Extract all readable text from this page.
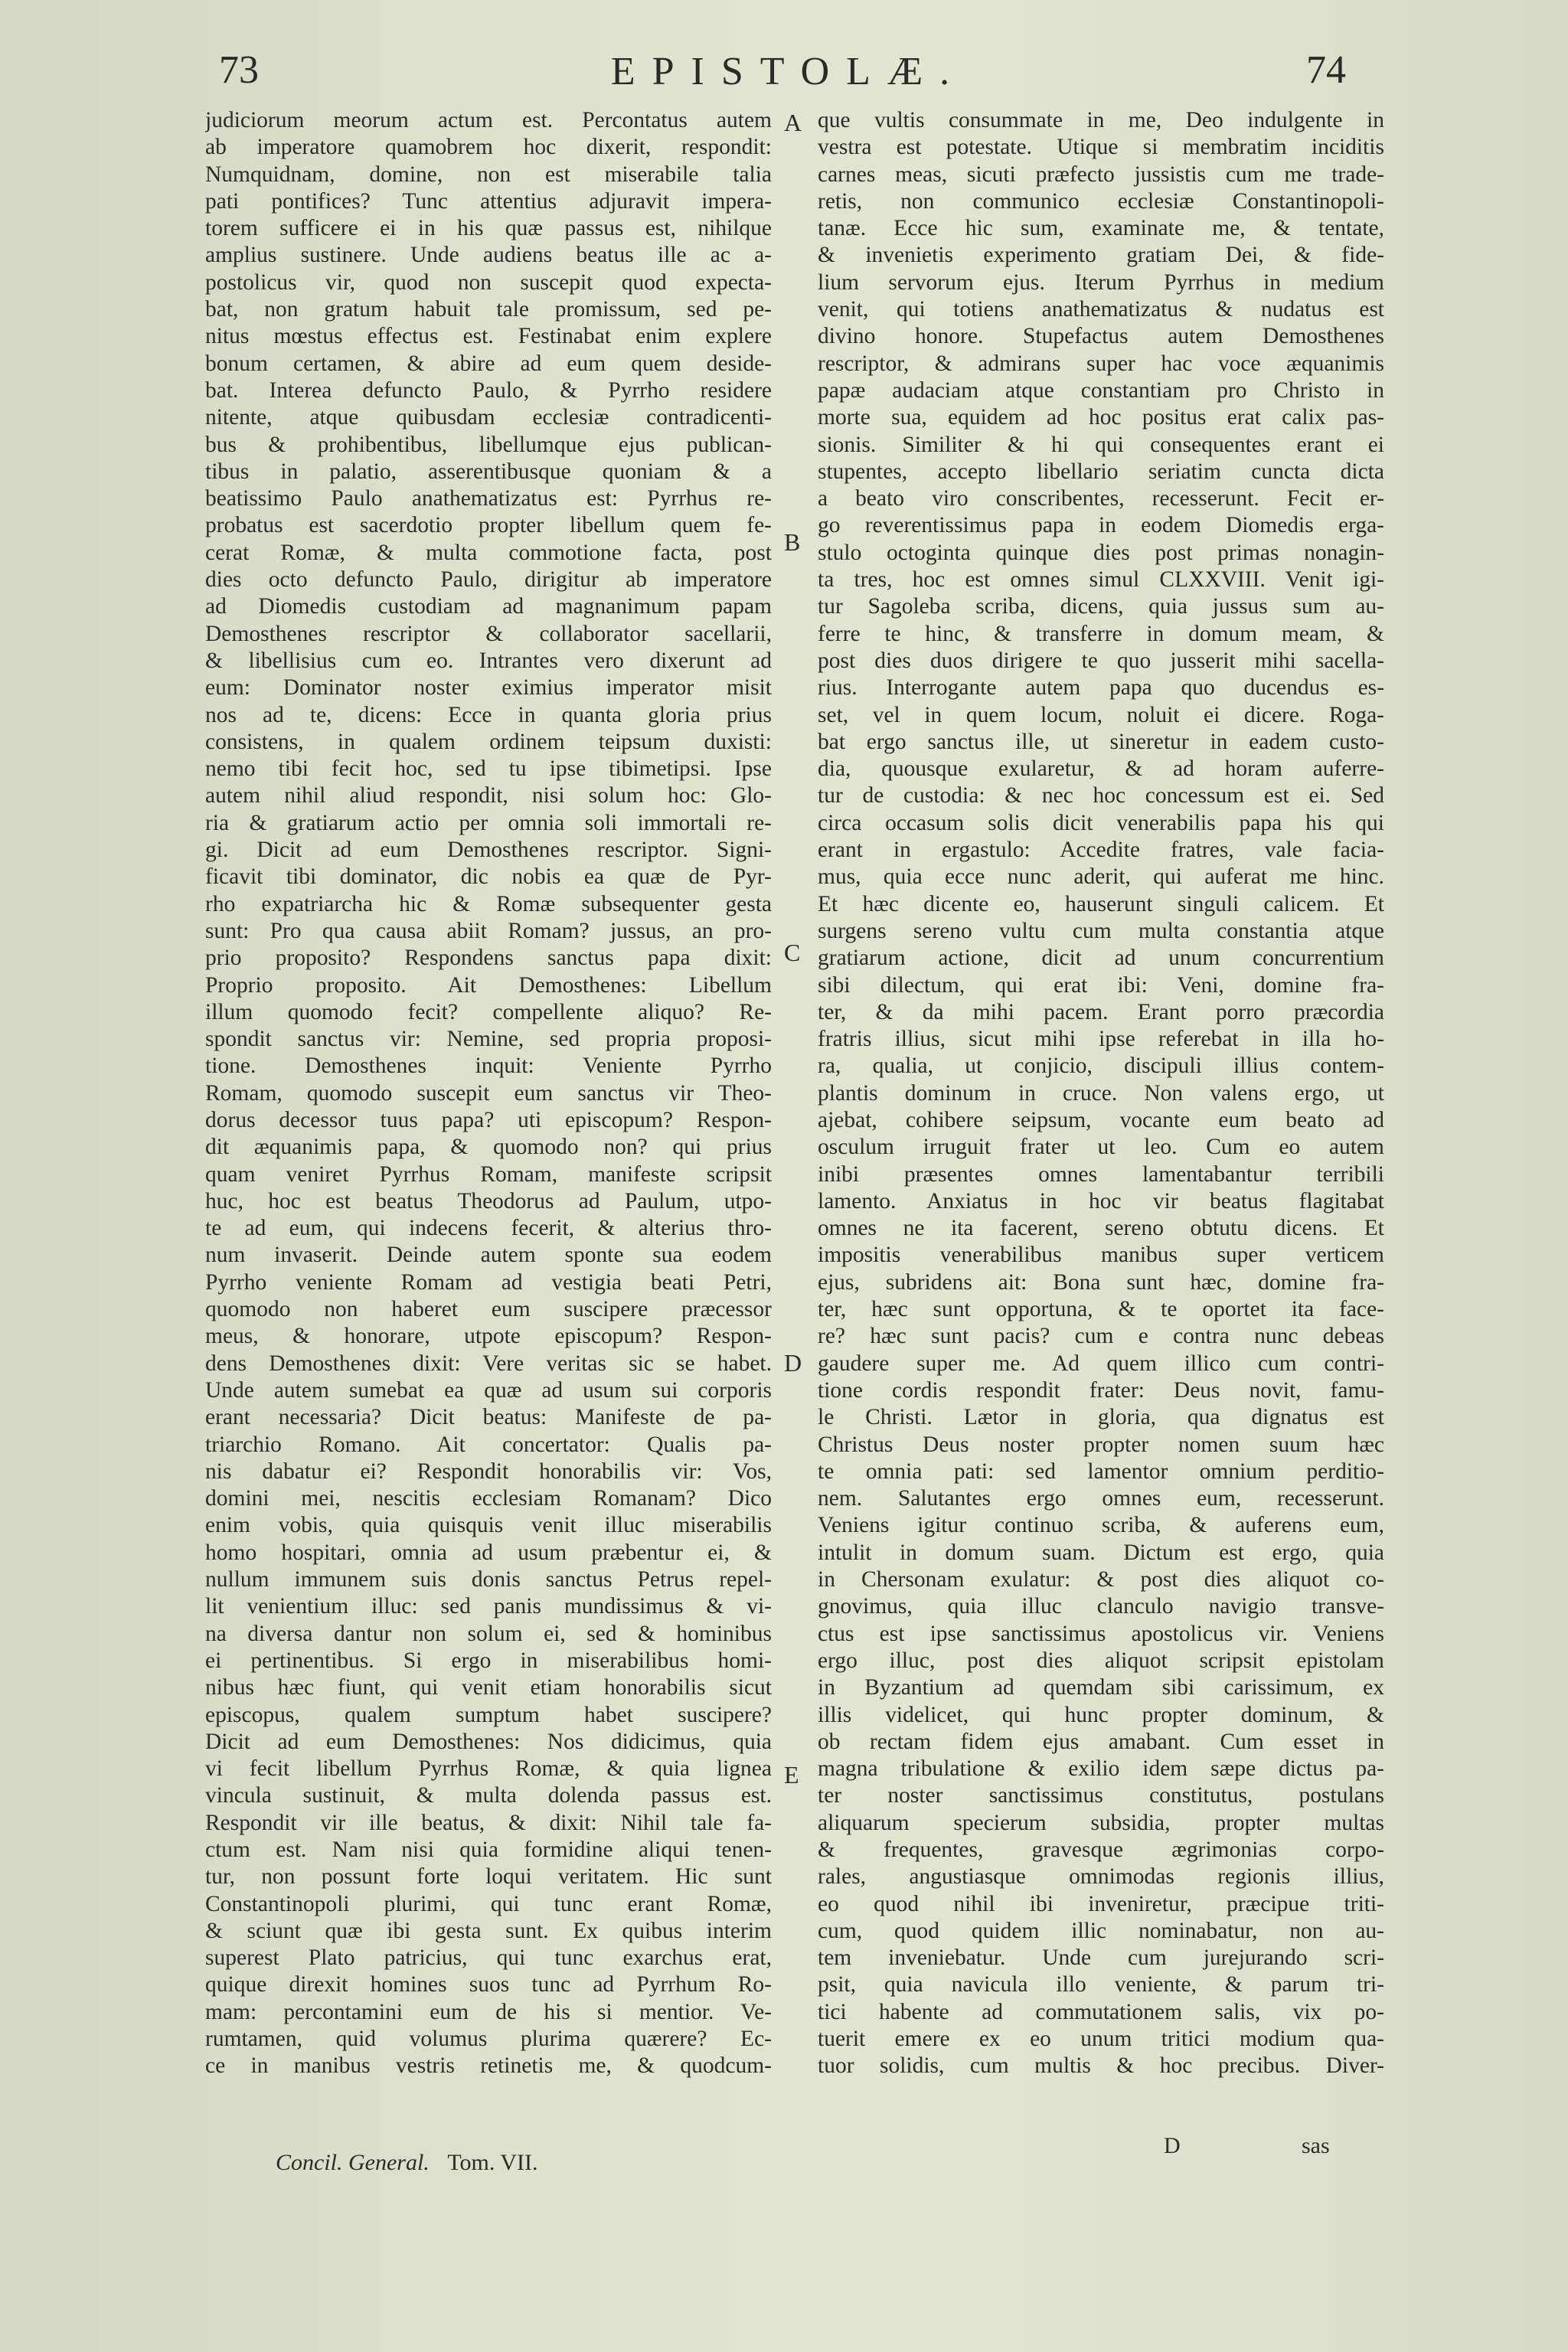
73	EPISTOLÆ.	74
judiciorum meorum actum est. Percontatus autem
ab imperatore quamobrem hoc dixerit, respondit:
Numquidnam, domine, non est miserabile talia
pati pontifices? Tunc attentius adjuravit impera-
torem sufficere ei in his quæ passus est, nihilque
amplius sustinere. Unde audiens beatus ille ac a-
postolicus vir, quod non suscepit quod expecta-
bat, non gratum habuit tale promissum, sed pe-
nitus mœstus effectus est. Festinabat enim explere
bonum certamen, & abire ad eum quem deside-
bat. Interea defuncto Paulo, & Pyrrho residere
nitente, atque quibusdam ecclesiæ contradicenti-
bus & prohibentibus, libellumque ejus publican-
tibus in palatio, asserentibusque quoniam & a
beatissimo Paulo anathematizatus est: Pyrrhus re-
probatus est sacerdotio propter libellum quem fe-
cerat Romæ, & multa commotione facta, post
dies octo defuncto Paulo, dirigitur ab imperatore
ad Diomedis custodiam ad magnanimum papam
Demosthenes rescriptor & collaborator sacellarii,
& libellisius cum eo. Intrantes vero dixerunt ad
eum: Dominator noster eximius imperator misit
nos ad te, dicens: Ecce in quanta gloria prius
consistens, in qualem ordinem teipsum duxisti:
nemo tibi fecit hoc, sed tu ipse tibimetipsi. Ipse
autem nihil aliud respondit, nisi solum hoc: Glo-
ria & gratiarum actio per omnia soli immortali re-
gi. Dicit ad eum Demosthenes rescriptor. Signi-
ficavit tibi dominator, dic nobis ea quæ de Pyr-
rho expatriarcha hic & Romæ subsequenter gesta
sunt: Pro qua causa abiit Romam? jussus, an pro-
prio proposito? Respondens sanctus papa dixit:
Proprio proposito. Ait Demosthenes: Libellum
illum quomodo fecit? compellente aliquo? Re-
spondit sanctus vir: Nemine, sed propria proposi-
tione. Demosthenes inquit: Veniente Pyrrho
Romam, quomodo suscepit eum sanctus vir Theo-
dorus decessor tuus papa? uti episcopum? Respon-
dit æquanimis papa, & quomodo non? qui prius
quam veniret Pyrrhus Romam, manifeste scripsit
huc, hoc est beatus Theodorus ad Paulum, utpo-
te ad eum, qui indecens fecerit, & alterius thro-
num invaserit. Deinde autem sponte sua eodem
Pyrrho veniente Romam ad vestigia beati Petri,
quomodo non haberet eum suscipere præcessor
meus, & honorare, utpote episcopum? Respon-
dens Demosthenes dixit: Vere veritas sic se habet.
Unde autem sumebat ea quæ ad usum sui corporis
erant necessaria? Dicit beatus: Manifeste de pa-
triarchio Romano. Ait concertator: Qualis pa-
nis dabatur ei? Respondit honorabilis vir: Vos,
domini mei, nescitis ecclesiam Romanam? Dico
enim vobis, quia quisquis venit illuc miserabilis
homo hospitari, omnia ad usum præbentur ei, &
nullum immunem suis donis sanctus Petrus repel-
lit venientium illuc: sed panis mundissimus & vi-
na diversa dantur non solum ei, sed & hominibus
ei pertinentibus. Si ergo in miserabilibus homi-
nibus hæc fiunt, qui venit etiam honorabilis sicut
episcopus, qualem sumptum habet suscipere?
Dicit ad eum Demosthenes: Nos didicimus, quia
vi fecit libellum Pyrrhus Romæ, & quia lignea
vincula sustinuit, & multa dolenda passus est.
Respondit vir ille beatus, & dixit: Nihil tale fa-
ctum est. Nam nisi quia formidine aliqui tenen-
tur, non possunt forte loqui veritatem. Hic sunt
Constantinopoli plurimi, qui tunc erant Romæ,
& sciunt quæ ibi gesta sunt. Ex quibus interim
superest Plato patricius, qui tunc exarchus erat,
quique direxit homines suos tunc ad Pyrrhum Ro-
mam: percontamini eum de his si mentior. Ve-
rumtamen, quid volumus plurima quærere? Ec-
ce in manibus vestris retinetis me, & quodcum-
que vultis consummate in me, Deo indulgente in
vestra est potestate. Utique si membratim inciditis
carnes meas, sicuti præfecto jussistis cum me trade-
retis, non communico ecclesiæ Constantinopoli-
tanæ. Ecce hic sum, examinate me, & tentate,
& invenietis experimento gratiam Dei, & fide-
lium servorum ejus. Iterum Pyrrhus in medium
venit, qui totiens anathematizatus & nudatus est
divino honore. Stupefactus autem Demosthenes
rescriptor, & admirans super hac voce æquanimis
papæ audaciam atque constantiam pro Christo in
morte sua, equidem ad hoc positus erat calix pas-
sionis. Similiter & hi qui consequentes erant ei
stupentes, accepto libellario seriatim cuncta dicta
a beato viro conscribentes, recesserunt. Fecit er-
go reverentissimus papa in eodem Diomedis erga-
stulo octoginta quinque dies post primas nonagin-
ta tres, hoc est omnes simul CLXXVIII. Venit igi-
tur Sagoleba scriba, dicens, quia jussus sum au-
ferre te hinc, & transferre in domum meam, &
post dies duos dirigere te quo jusserit mihi sacella-
rius. Interrogante autem papa quo ducendus es-
set, vel in quem locum, noluit ei dicere. Roga-
bat ergo sanctus ille, ut sineretur in eadem custo-
dia, quousque exularetur, & ad horam auferre-
tur de custodia: & nec hoc concessum est ei. Sed
circa occasum solis dicit venerabilis papa his qui
erant in ergastulo: Accedite fratres, vale facia-
mus, quia ecce nunc aderit, qui auferat me hinc.
Et hæc dicente eo, hauserunt singuli calicem. Et
surgens sereno vultu cum multa constantia atque
gratiarum actione, dicit ad unum concurrentium
sibi dilectum, qui erat ibi: Veni, domine fra-
ter, & da mihi pacem. Erant porro præcordia
fratris illius, sicut mihi ipse referebat in illa ho-
ra, qualia, ut conjicio, discipuli illius contem-
plantis dominum in cruce. Non valens ergo, ut
ajebat, cohibere seipsum, vocante eum beato ad
osculum irruguit frater ut leo. Cum eo autem
inibi præsentes omnes lamentabantur terribili
lamento. Anxiatus in hoc vir beatus flagitabat
omnes ne ita facerent, sereno obtutu dicens. Et
impositis venerabilibus manibus super verticem
ejus, subridens ait: Bona sunt hæc, domine fra-
ter, hæc sunt opportuna, & te oportet ita face-
re? hæc sunt pacis? cum e contra nunc debeas
gaudere super me. Ad quem illico cum contri-
tione cordis respondit frater: Deus novit, famu-
le Christi. Lætor in gloria, qua dignatus est
Christus Deus noster propter nomen suum hæc
te omnia pati: sed lamentor omnium perditio-
nem. Salutantes ergo omnes eum, recesserunt.
Veniens igitur continuo scriba, & auferens eum,
intulit in domum suam. Dictum est ergo, quia
in Chersonam exulatur: & post dies aliquot co-
gnovimus, quia illuc clanculo navigio transve-
ctus est ipse sanctissimus apostolicus vir. Veniens
ergo illuc, post dies aliquot scripsit epistolam
in Byzantium ad quemdam sibi carissimum, ex
illis videlicet, qui hunc propter dominum, &
ob rectam fidem ejus amabant. Cum esset in
magna tribulatione & exilio idem sæpe dictus pa-
ter noster sanctissimus constitutus, postulans
aliquarum specierum subsidia, propter multas
& frequentes, gravesque ægrimonias corpo-
rales, angustiasque omnimodas regionis illius,
eo quod nihil ibi inveniretur, præcipue triti-
cum, quod quidem illic nominabatur, non au-
tem inveniebatur. Unde cum jurejurando scri-
psit, quia navicula illo veniente, & parum tri-
tici habente ad commutationem salis, vix po-
tuerit emere ex eo unum tritici modium qua-
tuor solidis, cum multis & hoc precibus. Diver-
A
B
C
D
E
Concil. General. Tom. VII.
D	sas
